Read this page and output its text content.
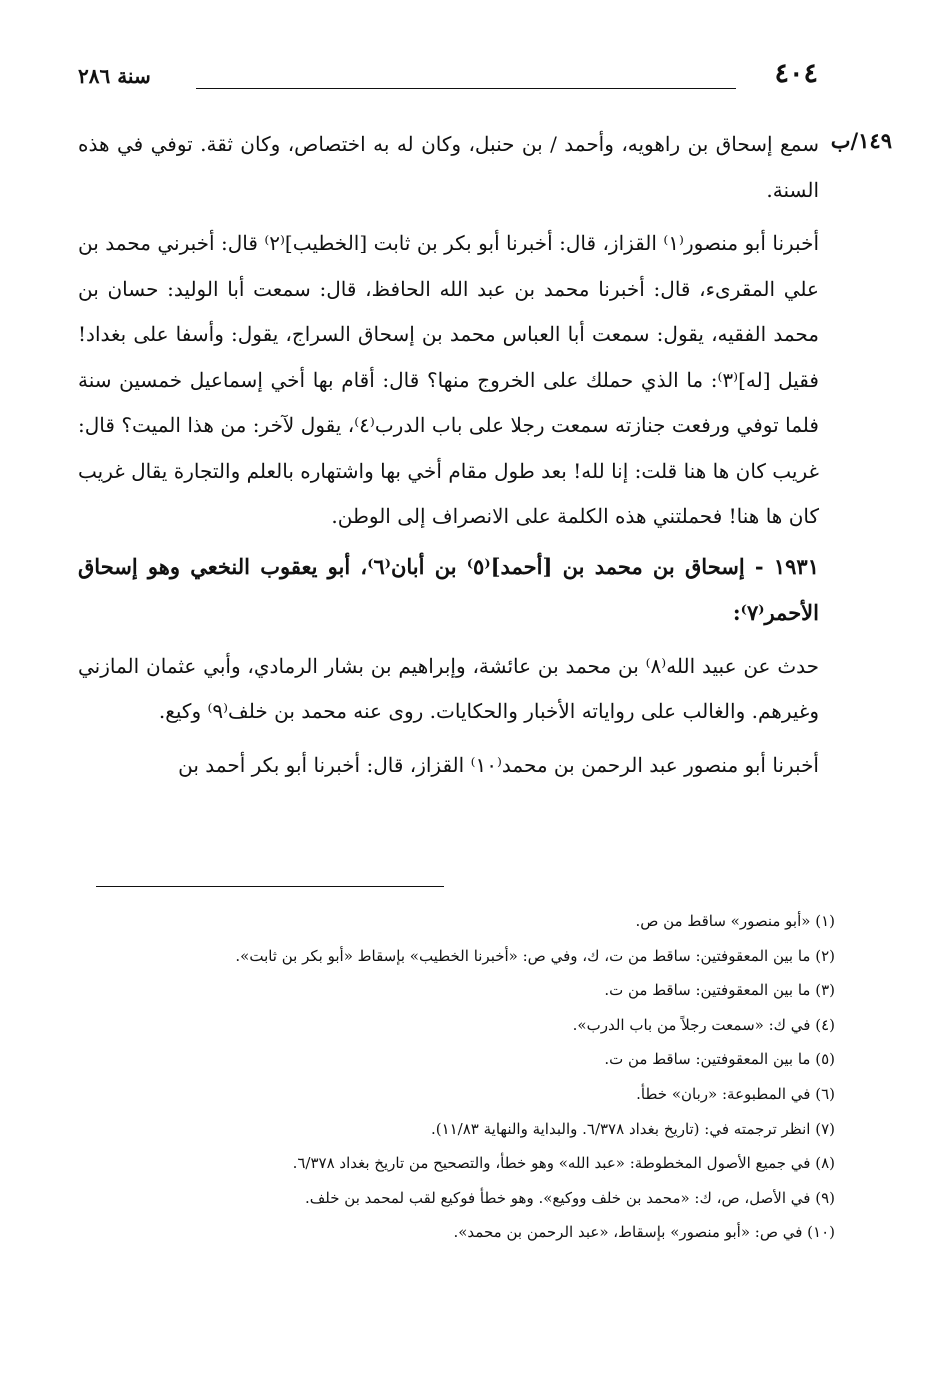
٤٠٤
سنة ٢٨٦
١٤٩/ب

سمع إسحاق بن راهويه، وأحمد / بن حنبل، وكان له به اختصاص، وكان ثقة. توفي في هذه السنة.

أخبرنا أبو منصور⁽١⁾ القزاز، قال: أخبرنا أبو بكر بن ثابت [الخطيب]⁽٢⁾ قال: أخبرني محمد بن علي المقرىء، قال: أخبرنا محمد بن عبد الله الحافظ، قال: سمعت أبا الوليد: حسان بن محمد الفقيه، يقول: سمعت أبا العباس محمد بن إسحاق السراج، يقول: وأسفا على بغداد! فقيل [له]⁽٣⁾: ما الذي حملك على الخروج منها؟ قال: أقام بها أخي إسماعيل خمسين سنة فلما توفي ورفعت جنازته سمعت رجلا على باب الدرب⁽٤⁾، يقول لآخر: من هذا الميت؟ قال: غريب كان ها هنا قلت: إنا لله! بعد طول مقام أخي بها واشتهاره بالعلم والتجارة يقال غريب كان ها هنا! فحملتني هذه الكلمة على الانصراف إلى الوطن.

١٩٣١ - إسحاق بن محمد بن [أحمد]⁽٥⁾ بن أبان⁽٦⁾، أبو يعقوب النخعي وهو إسحاق الأحمر⁽٧⁾:

حدث عن عبيد الله⁽٨⁾ بن محمد بن عائشة، وإبراهيم بن بشار الرمادي، وأبي عثمان المازني وغيرهم. والغالب على رواياته الأخبار والحكايات. روى عنه محمد بن خلف⁽٩⁾ وكيع.

أخبرنا أبو منصور عبد الرحمن بن محمد⁽١٠⁾ القزاز، قال: أخبرنا أبو بكر أحمد بن

(١) «أبو منصور» ساقط من ص.

(٢) ما بين المعقوفتين: ساقط من ت، ك، وفي ص: «أخبرنا الخطيب» بإسقاط «أبو بكر بن ثابت».

(٣) ما بين المعقوفتين: ساقط من ت.

(٤) في ك: «سمعت رجلاً من باب الدرب».

(٥) ما بين المعقوفتين: ساقط من ت.

(٦) في المطبوعة: «ربان» خطأ.

(٧) انظر ترجمته في: (تاريخ بغداد ٦/٣٧٨. والبداية والنهاية ١١/٨٣).

(٨) في جميع الأصول المخطوطة: «عبد الله» وهو خطأ، والتصحيح من تاريخ بغداد ٦/٣٧٨.

(٩) في الأصل، ص، ك: «محمد بن خلف ووكيع». وهو خطأ فوكيع لقب لمحمد بن خلف.

(١٠) في ص: «أبو منصور» بإسقاط، «عبد الرحمن بن محمد».
